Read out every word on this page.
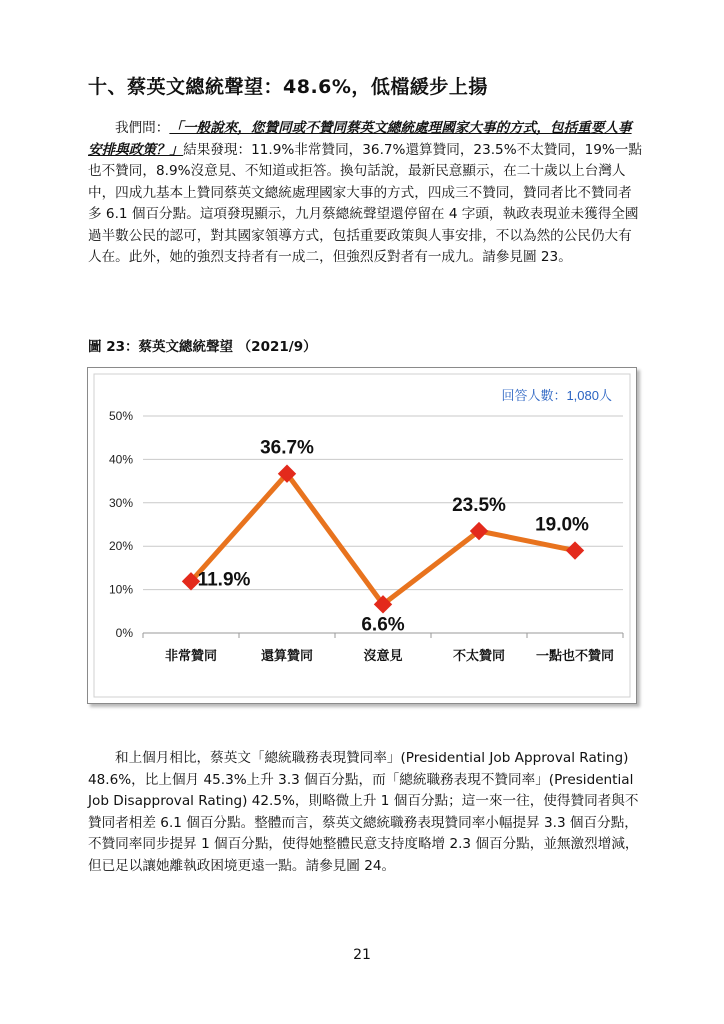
十、蔡英文總統聲望：48.6%，低檔緩步上揚
我們問：「一般說來，您贊同或不贊同蔡英文總統處理國家大事的方式，包括重要人事安排與政策？」結果發現：11.9%非常贊同，36.7%還算贊同，23.5%不太贊同，19%一點也不贊同，8.9%沒意見、不知道或拒答。換句話說，最新民意顯示，在二十歲以上台灣人中，四成九基本上贊同蔡英文總統處理國家大事的方式，四成三不贊同，贊同者比不贊同者多 6.1 個百分點。這項發現顯示，九月蔡總統聲望還停留在 4 字頭，執政表現並未獲得全國過半數公民的認可，對其國家領導方式，包括重要政策與人事安排，不以為然的公民仍大有人在。此外，她的強烈支持者有一成二，但強烈反對者有一成九。請參見圖 23。
圖 23：蔡英文總統聲望 （2021/9）
回答人數：1,080人
0%
10%
20%
30%
40%
50%
非常贊同	還算贊同	沒意見	不太贊同 一點也不贊同
11.9%
36.7%
6.6%
23.5%
19.0%
和上個月相比，蔡英文「總統職務表現贊同率」(Presidential Job Approval Rating) 48.6%，比上個月 45.3%上升 3.3 個百分點，而「總統職務表現不贊同率」(Presidential Job Disapproval Rating) 42.5%，則略微上升 1 個百分點；這一來一往，使得贊同者與不贊同者相差 6.1 個百分點。整體而言，蔡英文總統職務表現贊同率小幅提昇 3.3 個百分點，不贊同率同步提昇 1 個百分點，使得她整體民意支持度略增 2.3 個百分點，並無激烈增減，但已足以讓她離執政困境更遠一點。請參見圖 24。
21
